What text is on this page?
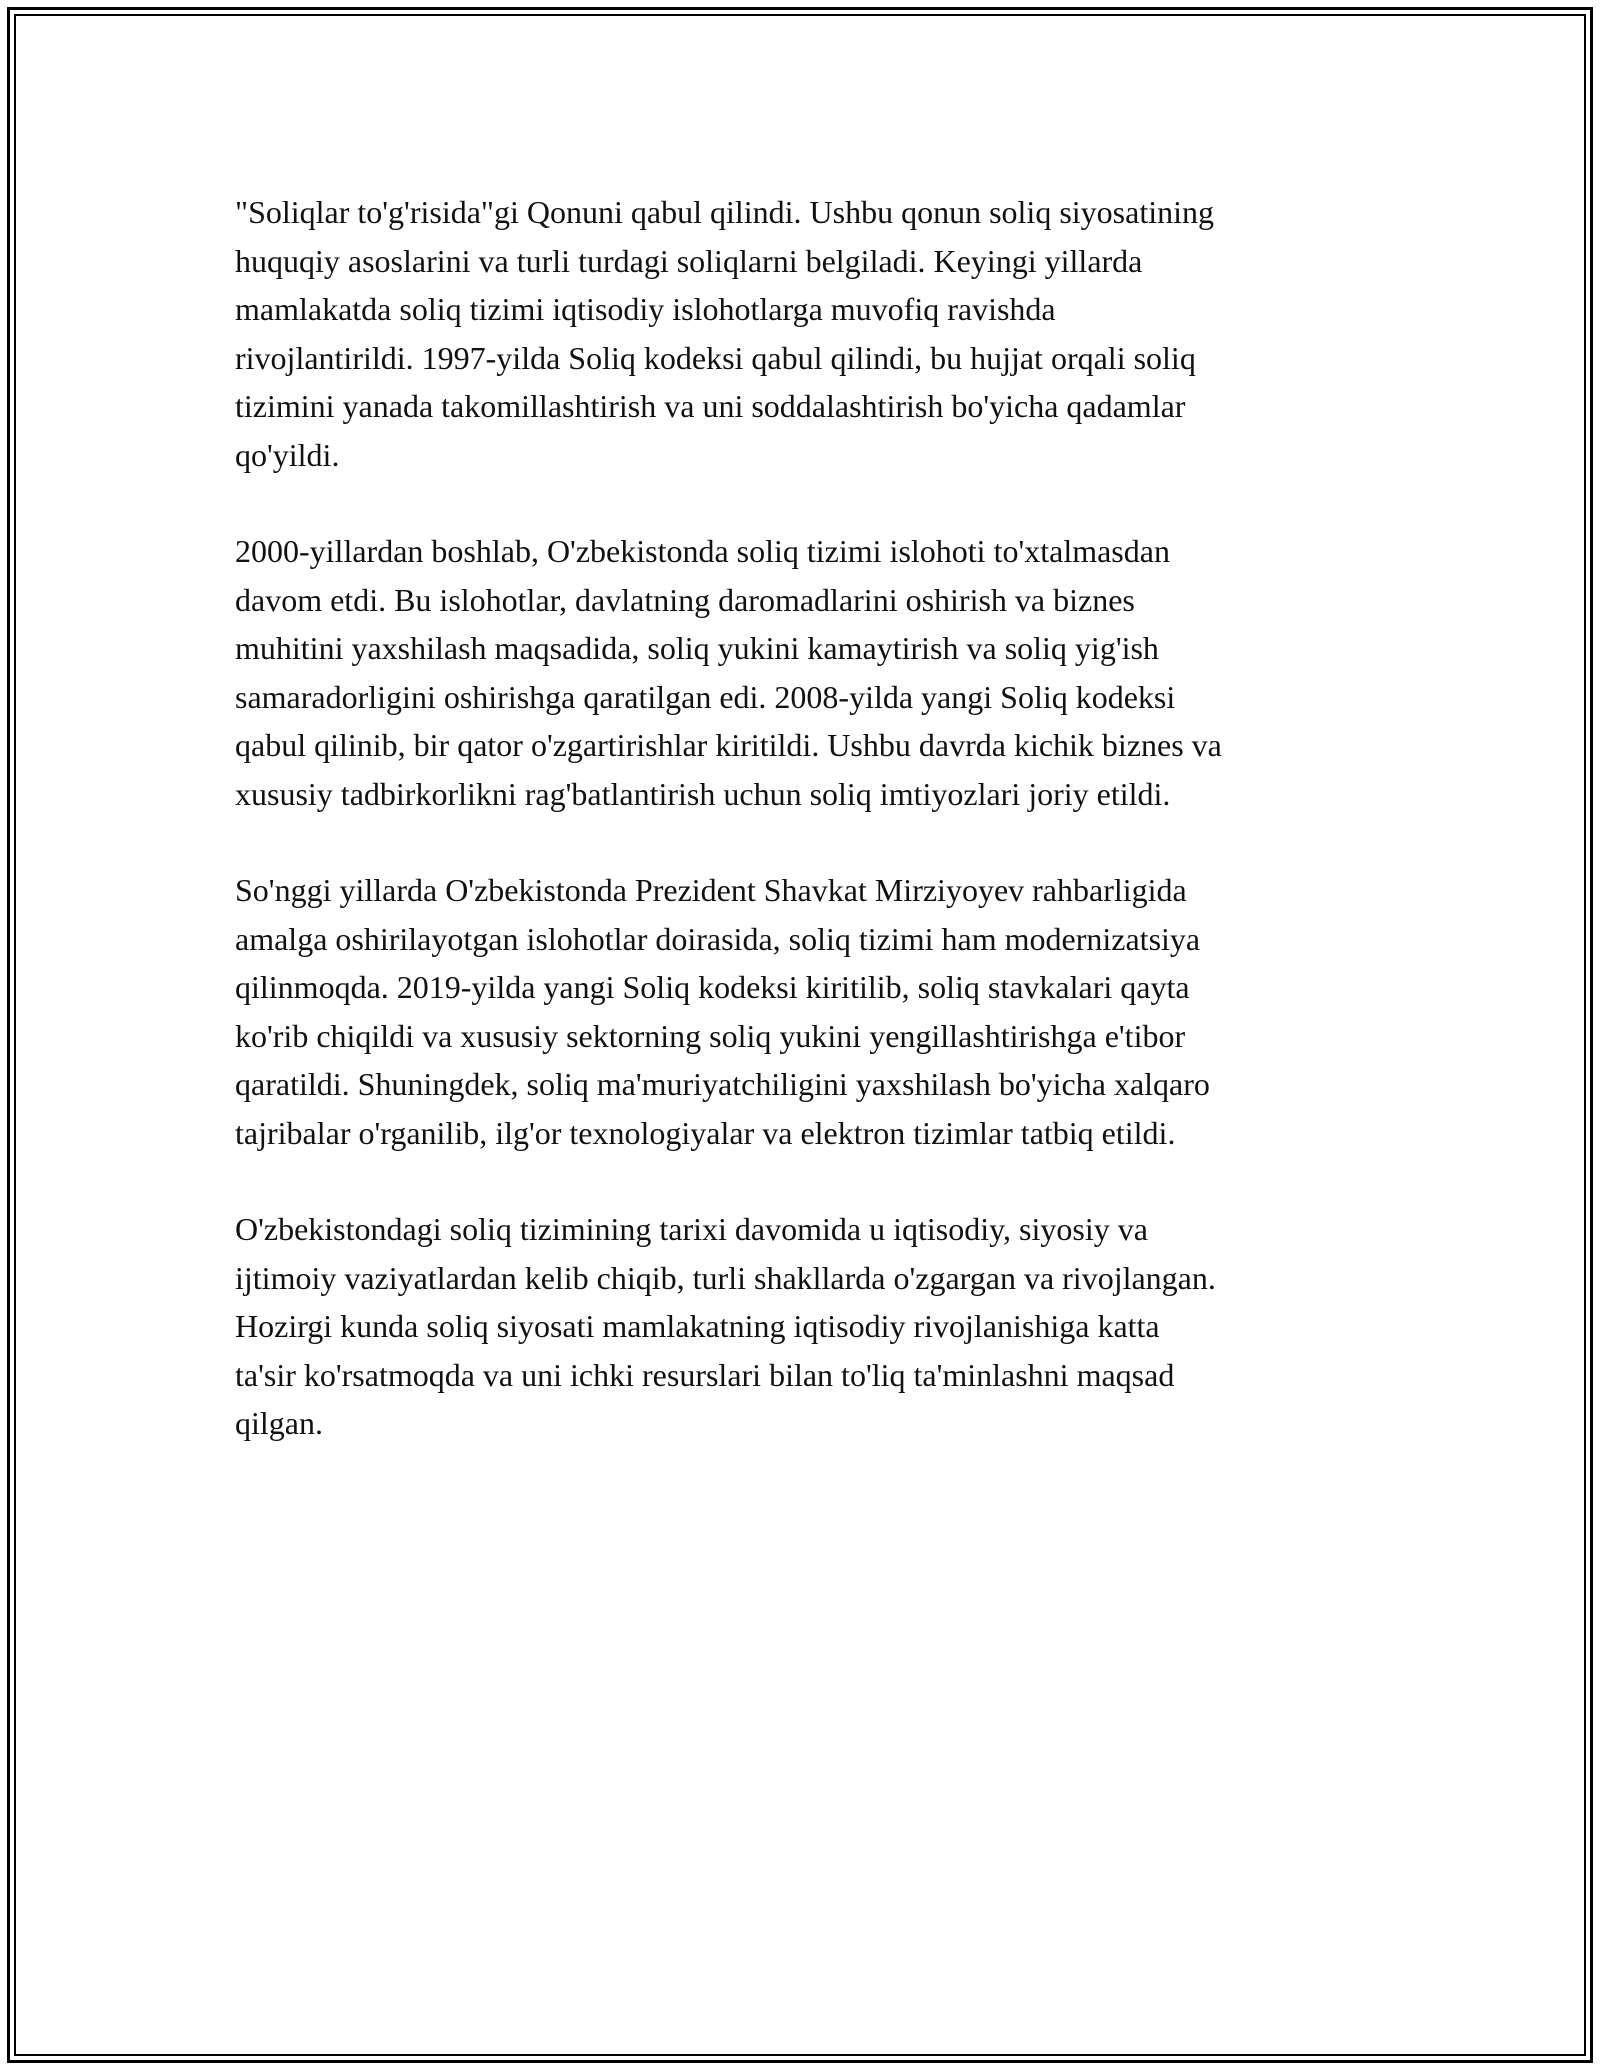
"Soliqlar to'g'risida"gi Qonuni qabul qilindi. Ushbu qonun soliq siyosatining
huquqiy asoslarini va turli turdagi soliqlarni belgiladi. Keyingi yillarda
mamlakatda soliq tizimi iqtisodiy islohotlarga muvofiq ravishda
rivojlantirildi. 1997-yilda Soliq kodeksi qabul qilindi, bu hujjat orqali soliq
tizimini yanada takomillashtirish va uni soddalashtirish bo'yicha qadamlar
qo'yildi.

2000-yillardan boshlab, O'zbekistonda soliq tizimi islohoti to'xtalmasdan
davom etdi. Bu islohotlar, davlatning daromadlarini oshirish va biznes
muhitini yaxshilash maqsadida, soliq yukini kamaytirish va soliq yig'ish
samaradorligini oshirishga qaratilgan edi. 2008-yilda yangi Soliq kodeksi
qabul qilinib, bir qator o'zgartirishlar kiritildi. Ushbu davrda kichik biznes va
xususiy tadbirkorlikni rag'batlantirish uchun soliq imtiyozlari joriy etildi.

So'nggi yillarda O'zbekistonda Prezident Shavkat Mirziyoyev rahbarligida
amalga oshirilayotgan islohotlar doirasida, soliq tizimi ham modernizatsiya
qilinmoqda. 2019-yilda yangi Soliq kodeksi kiritilib, soliq stavkalari qayta
ko'rib chiqildi va xususiy sektorning soliq yukini yengillashtirishga e'tibor
qaratildi. Shuningdek, soliq ma'muriyatchiligini yaxshilash bo'yicha xalqaro
tajribalar o'rganilib, ilg'or texnologiyalar va elektron tizimlar tatbiq etildi.

O'zbekistondagi soliq tizimining tarixi davomida u iqtisodiy, siyosiy va
ijtimoiy vaziyatlardan kelib chiqib, turli shakllarda o'zgargan va rivojlangan.
Hozirgi kunda soliq siyosati mamlakatning iqtisodiy rivojlanishiga katta
ta'sir ko'rsatmoqda va uni ichki resurslari bilan to'liq ta'minlashni maqsad
qilgan.
